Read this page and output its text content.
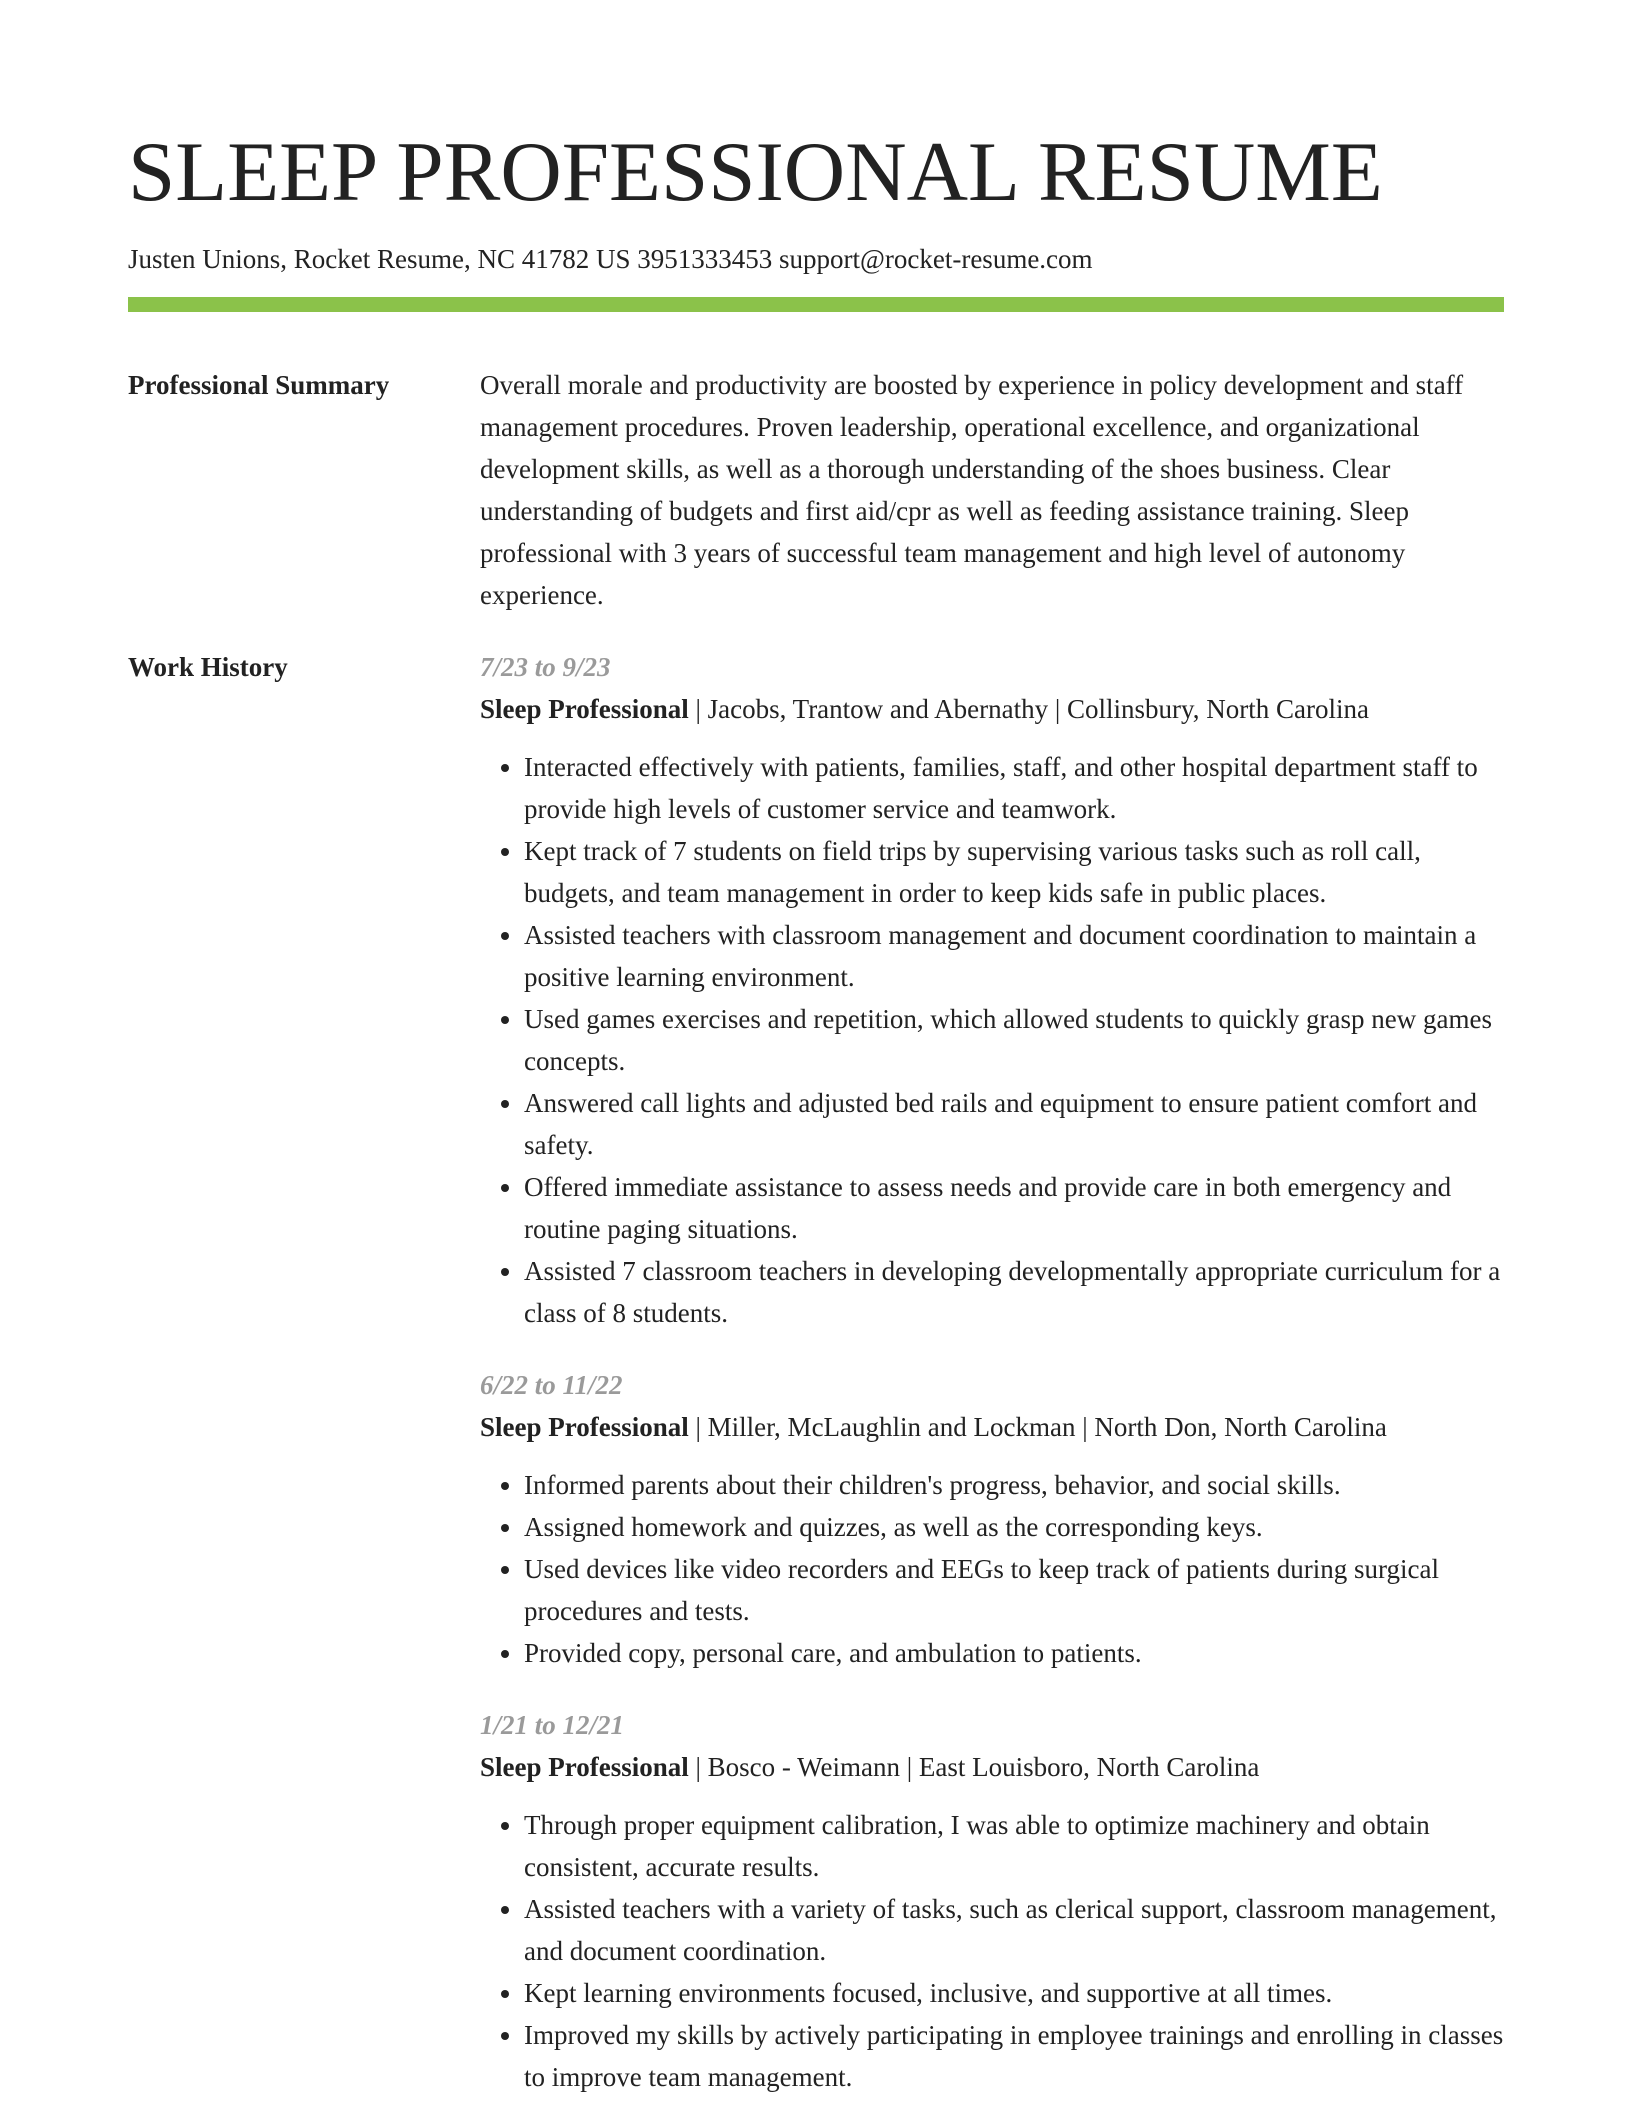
SLEEP PROFESSIONAL RESUME
Justen Unions, Rocket Resume, NC 41782 US 3951333453 support@rocket-resume.com
Professional Summary	Overall morale and productivity are boosted by experience in policy development and staff management procedures. Proven leadership, operational excellence, and organizational development skills, as well as a thorough understanding of the shoes business. Clear understanding of budgets and first aid/cpr as well as feeding assistance training. Sleep professional with 3 years of successful team management and high level of autonomy experience.

Work History	7/23 to 9/23
Sleep Professional | Jacobs, Trantow and Abernathy | Collinsbury, North Carolina
• Interacted effectively with patients, families, staff, and other hospital department staff to provide high levels of customer service and teamwork.
• Kept track of 7 students on field trips by supervising various tasks such as roll call, budgets, and team management in order to keep kids safe in public places.
• Assisted teachers with classroom management and document coordination to maintain a positive learning environment.
• Used games exercises and repetition, which allowed students to quickly grasp new games concepts.
• Answered call lights and adjusted bed rails and equipment to ensure patient comfort and safety.
• Offered immediate assistance to assess needs and provide care in both emergency and routine paging situations.
• Assisted 7 classroom teachers in developing developmentally appropriate curriculum for a class of 8 students.
6/22 to 11/22
Sleep Professional | Miller, McLaughlin and Lockman | North Don, North Carolina
• Informed parents about their children's progress, behavior, and social skills.
• Assigned homework and quizzes, as well as the corresponding keys.
• Used devices like video recorders and EEGs to keep track of patients during surgical procedures and tests.
• Provided copy, personal care, and ambulation to patients.
1/21 to 12/21
Sleep Professional | Bosco - Weimann | East Louisboro, North Carolina
• Through proper equipment calibration, I was able to optimize machinery and obtain consistent, accurate results.
• Assisted teachers with a variety of tasks, such as clerical support, classroom management, and document coordination.
• Kept learning environments focused, inclusive, and supportive at all times.
• Improved my skills by actively participating in employee trainings and enrolling in classes to improve team management.
